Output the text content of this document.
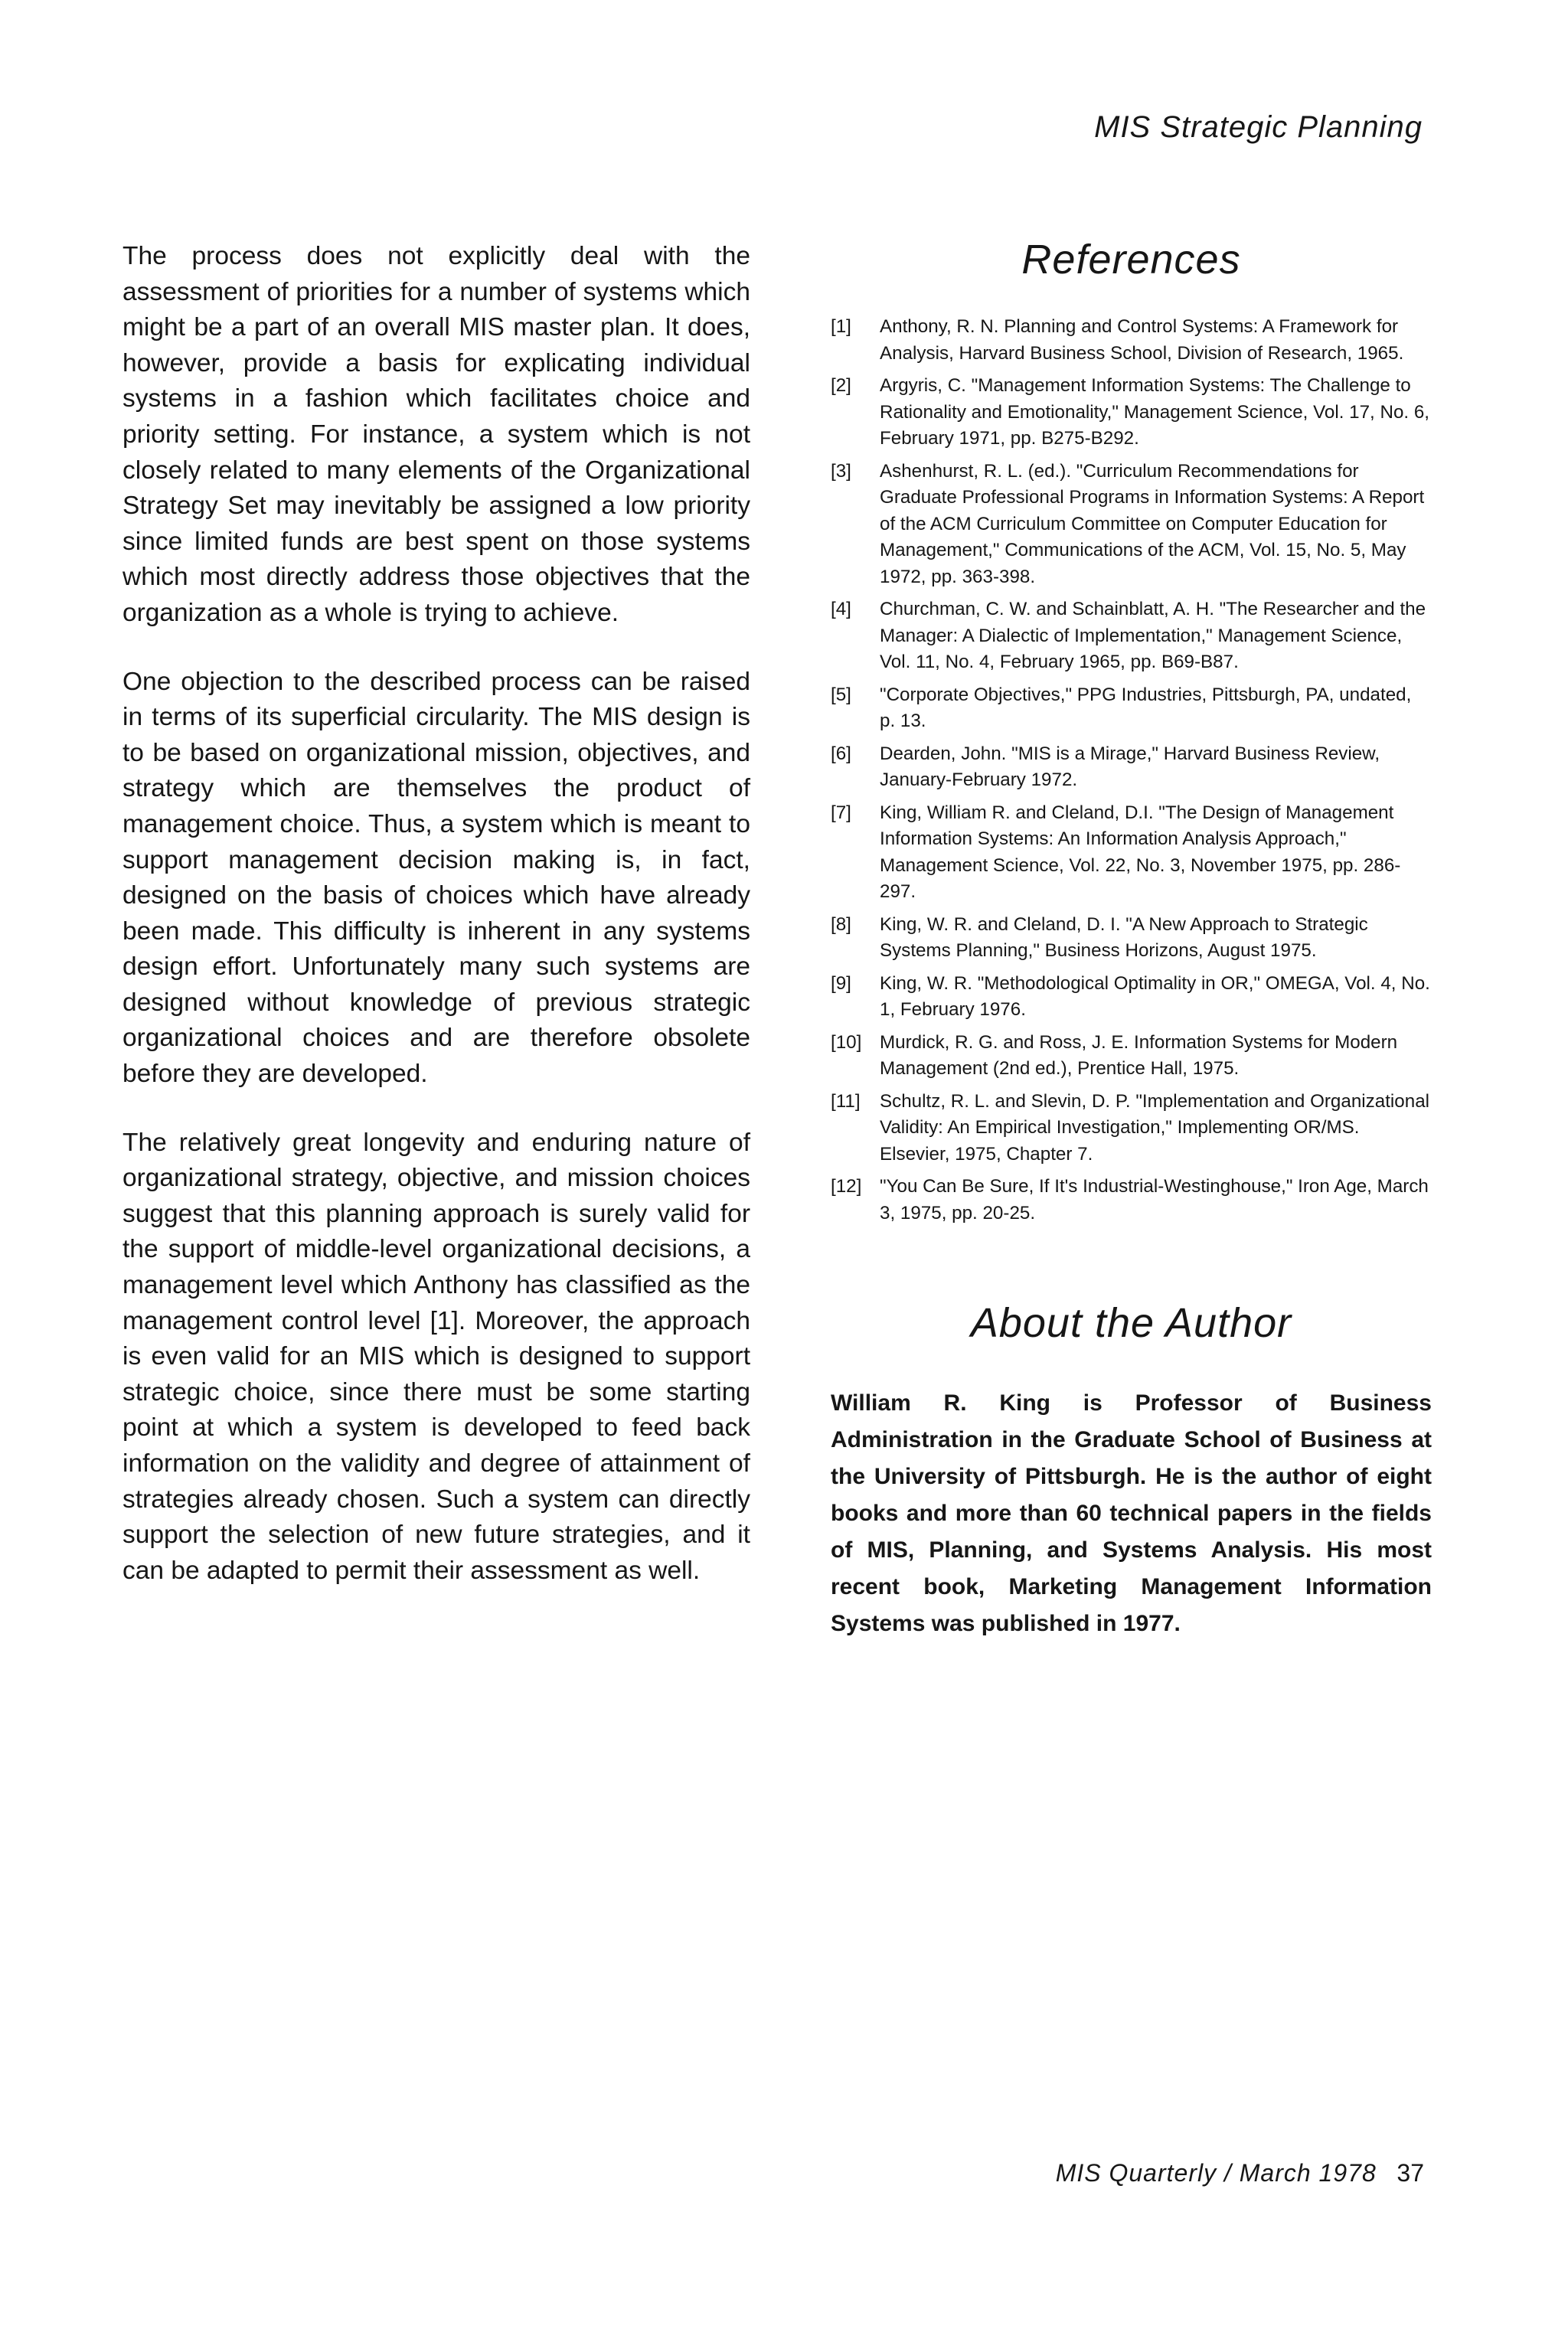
MIS Strategic Planning

The process does not explicitly deal with the assessment of priorities for a number of systems which might be a part of an overall MIS master plan. It does, however, provide a basis for explicating individual systems in a fashion which facilitates choice and priority setting. For instance, a system which is not closely related to many elements of the Organizational Strategy Set may inevitably be assigned a low priority since limited funds are best spent on those systems which most directly address those objectives that the organization as a whole is trying to achieve.

One objection to the described process can be raised in terms of its superficial circularity. The MIS design is to be based on organizational mission, objectives, and strategy which are themselves the product of management choice. Thus, a system which is meant to support management decision making is, in fact, designed on the basis of choices which have already been made. This difficulty is inherent in any systems design effort. Unfortunately many such systems are designed without knowledge of previous strategic organizational choices and are therefore obsolete before they are developed.

The relatively great longevity and enduring nature of organizational strategy, objective, and mission choices suggest that this planning approach is surely valid for the support of middle-level organizational decisions, a management level which Anthony has classified as the management control level [1]. Moreover, the approach is even valid for an MIS which is designed to support strategic choice, since there must be some starting point at which a system is developed to feed back information on the validity and degree of attainment of strategies already chosen. Such a system can directly support the selection of new future strategies, and it can be adapted to permit their assessment as well.

References
[1]	Anthony, R. N. Planning and Control Systems: A Framework for Analysis, Harvard Business School, Division of Research, 1965.
[2]	Argyris, C. "Management Information Systems: The Challenge to Rationality and Emotionality," Management Science, Vol. 17, No. 6, February 1971, pp. B275-B292.
[3]	Ashenhurst, R. L. (ed.). "Curriculum Recommendations for Graduate Professional Programs in Information Systems: A Report of the ACM Curriculum Committee on Computer Education for Management," Communications of the ACM, Vol. 15, No. 5, May 1972, pp. 363-398.
[4]	Churchman, C. W. and Schainblatt, A. H. "The Researcher and the Manager: A Dialectic of Implementation," Management Science, Vol. 11, No. 4, February 1965, pp. B69-B87.
[5]	"Corporate Objectives," PPG Industries, Pittsburgh, PA, undated, p. 13.
[6]	Dearden, John. "MIS is a Mirage," Harvard Business Review, January-February 1972.
[7]	King, William R. and Cleland, D.I. "The Design of Management Information Systems: An Information Analysis Approach," Management Science, Vol. 22, No. 3, November 1975, pp. 286-297.
[8]	King, W. R. and Cleland, D. I. "A New Approach to Strategic Systems Planning," Business Horizons, August 1975.
[9]	King, W. R. "Methodological Optimality in OR," OMEGA, Vol. 4, No. 1, February 1976.
[10] Murdick, R. G. and Ross, J. E. Information Systems for Modern Management (2nd ed.), Prentice Hall, 1975.
[11]	Schultz, R. L. and Slevin, D. P. "Implementation and Organizational Validity: An Empirical Investigation," Implementing OR/MS. Elsevier, 1975, Chapter 7.
[12] "You Can Be Sure, If It's Industrial-Westinghouse," Iron Age, March 3, 1975, pp. 20-25.
About the Author

William R. King is Professor of Business Administration in the Graduate School of Business at the University of Pittsburgh. He is the author of eight books and more than 60 technical papers in the fields of MIS, Planning, and Systems Analysis. His most recent book, Marketing Management Information Systems was published in 1977.

MIS Quarterly / March 1978 37
